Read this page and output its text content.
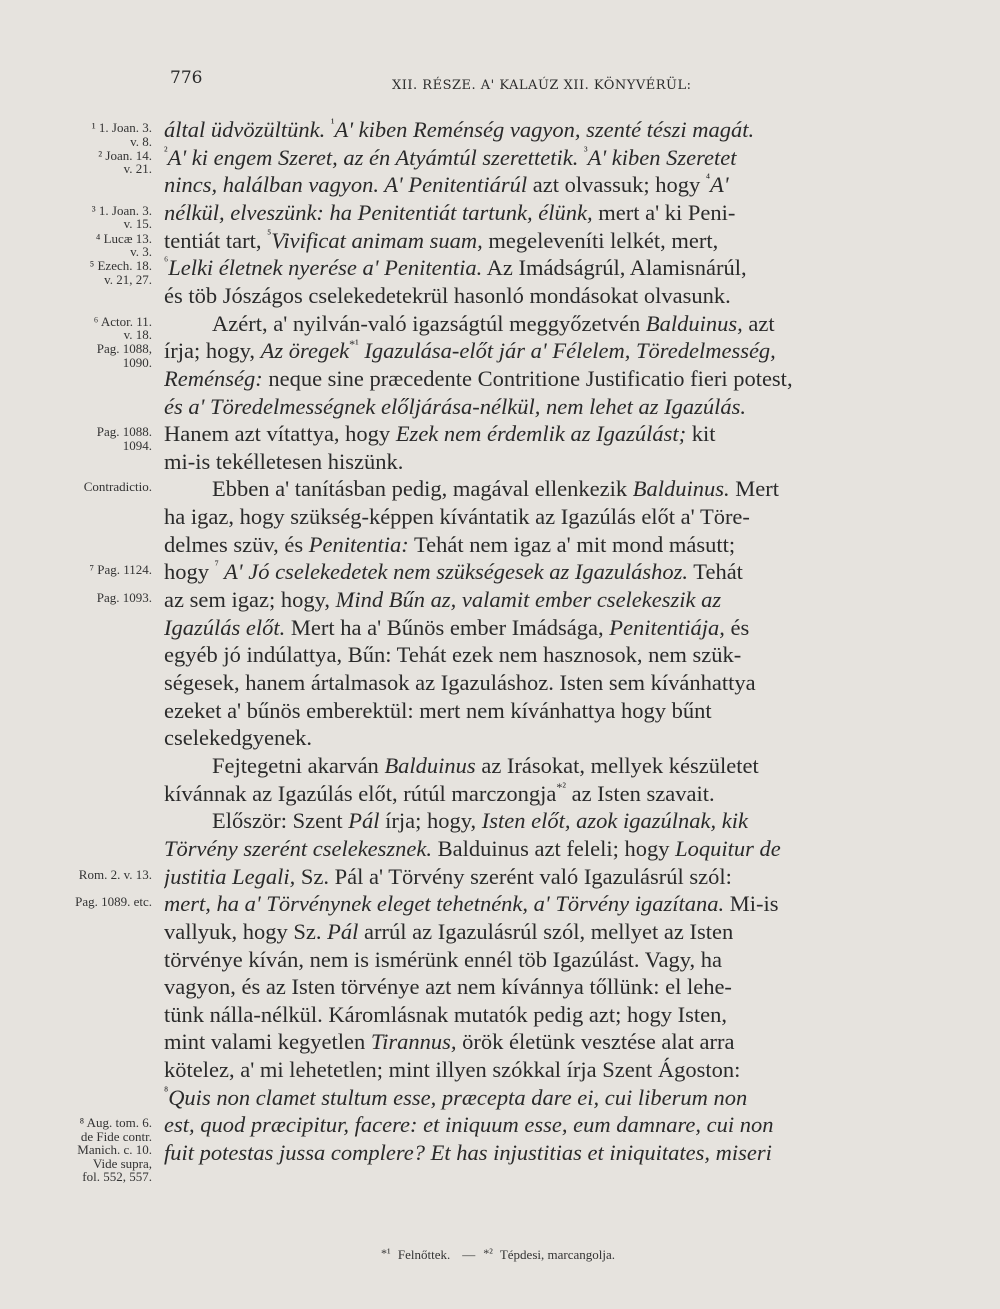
776	XII. RÉSZE. A' KALAÚZ XII. KÖNYVÉRÜL:
¹ 1. Joan. 3.
v. 8.
² Joan. 14.
v. 21.
³ 1. Joan. 3.
v. 15.
⁴ Lucæ 13.
v. 3.
⁵ Ezech. 18.
v. 21, 27.
⁶ Actor. 11.
v. 18.
Pag. 1088,
1090.
Pag. 1088.
1094.
Contradictio.
⁷ Pag. 1124.
Pag. 1093.
Rom. 2. v. 13.
Pag. 1089. etc.
⁸ Aug. tom. 6.
de Fide contr.
Manich. c. 10.
Vide supra,
fol. 552, 557.
által üdvözültünk. $^{^1}$A' kiben Reménség vagyon, szenté tészi magát.
$^{^2}$A' ki engem Szeret, az én Atyámtúl szerettetik. $^{^3}$A' kiben Szeretet
nincs, halálban vagyon. A' Penitentiárúl azt olvassuk; hogy $^{^4}$A'
nélkül, elveszünk: ha Penitentiát tartunk, élünk, mert a' ki Peni-
tentiát tart, $^{^5}$Vivificat animam suam, megeleveníti lelkét, mert,
$^{^6}$Lelki életnek nyerése a' Penitentia. Az Imádságrúl, Alamisnárúl,
és töb Jószágos cselekedetekrül hasonló mondásokat olvasunk.
Azért, a' nyilván-való igazságtúl meggyőzetvén Balduinus, azt
írja; hogy, Az öregek$^{*^1}$ Igazulása-előt jár a' Félelem, Töredelmesség,
Reménség: neque sine præcedente Contritione Justificatio fieri potest,
és a' Töredelmességnek előljárása-nélkül, nem lehet az Igazúlás.
Hanem azt vítattya, hogy Ezek nem érdemlik az Igazúlást; kit
mi-is tekélletesen hiszünk.
Ebben a' tanításban pedig, magával ellenkezik Balduinus. Mert
ha igaz, hogy szükség-képpen kívántatik az Igazúlás előt a' Töre-
delmes szüv, és Penitentia: Tehát nem igaz a' mit mond másutt;
hogy $^{^7}$ A' Jó cselekedetek nem szükségesek az Igazuláshoz. Tehát
az sem igaz; hogy, Mind Bűn az, valamit ember cselekeszik az
Igazúlás előt. Mert ha a' Bűnös ember Imádsága, Penitentiája, és
egyéb jó indúlattya, Bűn: Tehát ezek nem hasznosok, nem szük-
ségesek, hanem ártalmasok az Igazuláshoz. Isten sem kívánhattya
ezeket a' bűnös emberektül: mert nem kívánhattya hogy bűnt
cselekedgyenek.
Fejtegetni akarván Balduinus az Irásokat, mellyek készületet
kívánnak az Igazúlás előt, rútúl marczongja$^{*^2}$ az Isten szavait.
Először: Szent Pál írja; hogy, Isten előt, azok igazúlnak, kik
Törvény szerént cselekesznek. Balduinus azt feleli; hogy Loquitur de
justitia Legali, Sz. Pál a' Törvény szerént való Igazulásrúl szól:
mert, ha a' Törvénynek eleget tehetnénk, a' Törvény igazítana. Mi-is
vallyuk, hogy Sz. Pál arrúl az Igazulásrúl szól, mellyet az Isten
törvénye kíván, nem is ismérünk ennél töb Igazúlást. Vagy, ha
vagyon, és az Isten törvénye azt nem kívánnya tőllünk: el lehe-
tünk nálla-nélkül. Káromlásnak mutatók pedig azt; hogy Isten,
mint valami kegyetlen Tirannus, örök életünk vesztése alat arra
kötelez, a' mi lehetetlen; mint illyen szókkal írja Szent Ágoston:
$^{^8}$Quis non clamet stultum esse, præcepta dare ei, cui liberum non
est, quod præcipitur, facere: et iniquum esse, eum damnare, cui non
fuit potestas jussa complere? Et has injustitias et iniquitates, miseri
$^{*^1}$ Felnőttek. — $^{*^2}$ Tépdesi, marcangolja.
